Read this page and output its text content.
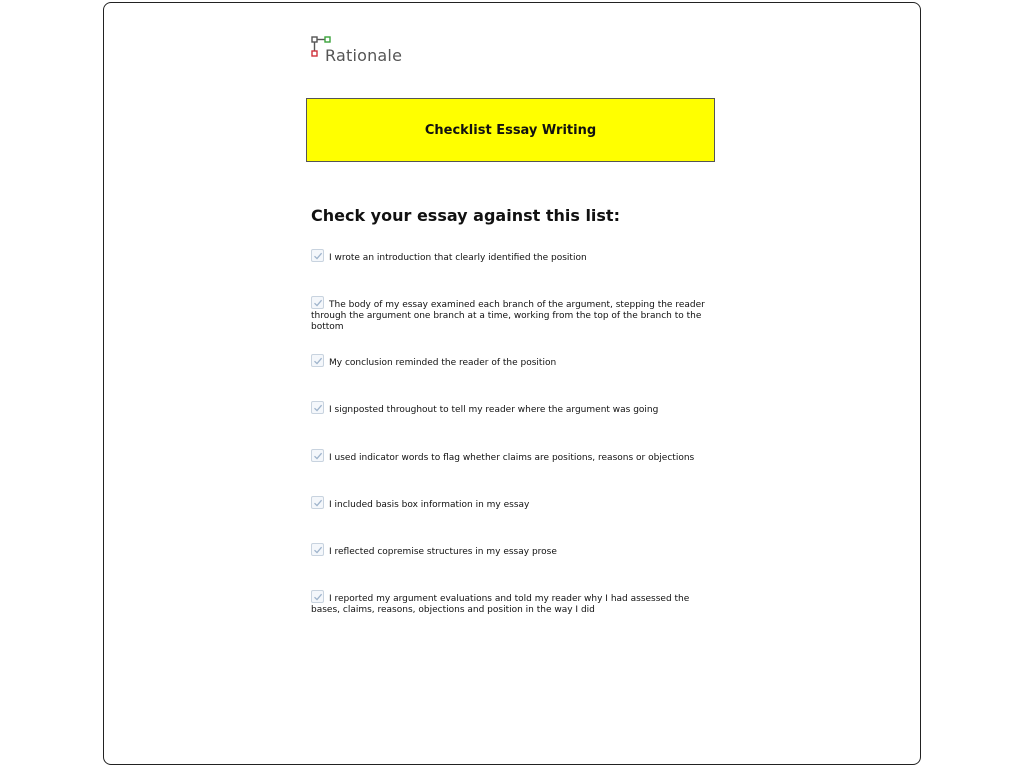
Rationale
Checklist Essay Writing
Check your essay against this list:
I wrote an introduction that clearly identified the position
The body of my essay examined each branch of the argument, stepping the reader through the argument one branch at a time, working from the top of the branch to the bottom
My conclusion reminded the reader of the position
I signposted throughout to tell my reader where the argument was going
I used indicator words to flag whether claims are positions, reasons or objections
I included basis box information in my essay
I reflected copremise structures in my essay prose
I reported my argument evaluations and told my reader why I had assessed the bases, claims, reasons, objections and position in the way I did
